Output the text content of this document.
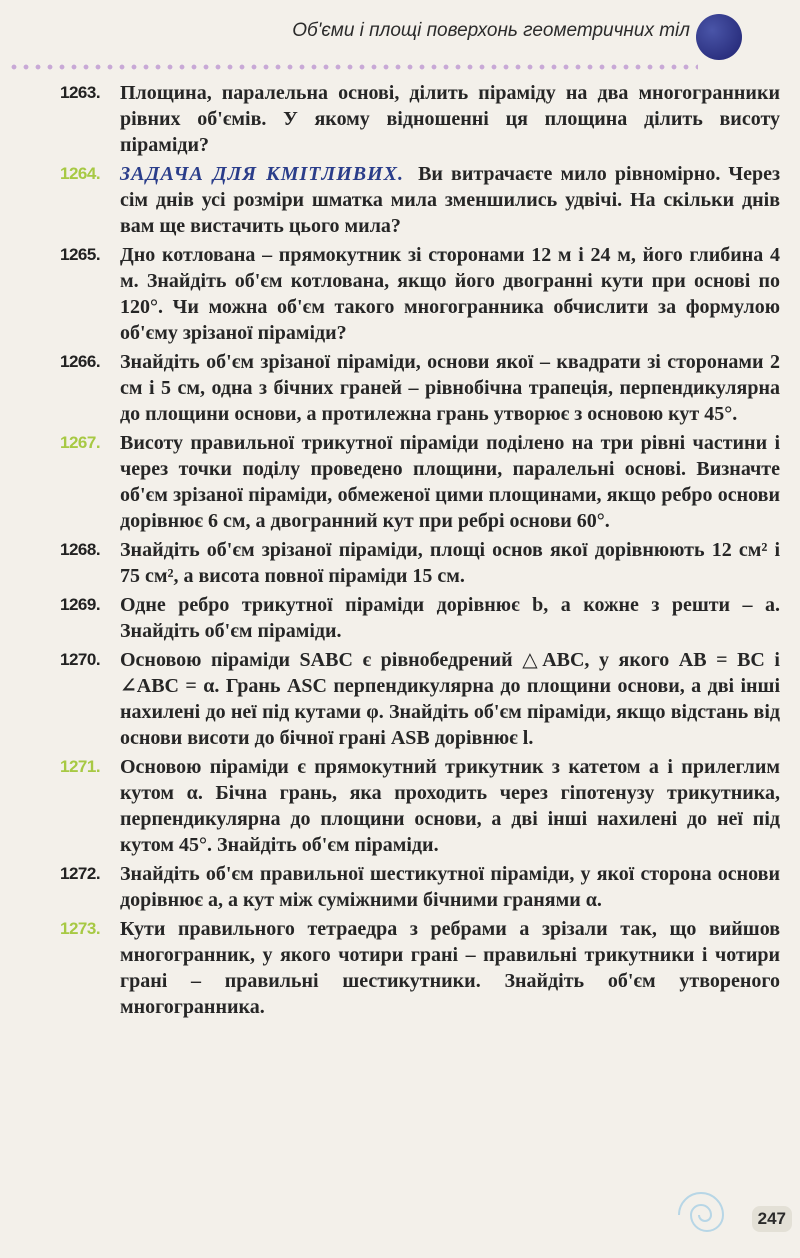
Об'єми і площі поверхонь геометричних тіл
1263. Площина, паралельна основі, ділить піраміду на два многогранники рівних об'ємів. У якому відношенні ця площина ділить висоту піраміди?
1264. ЗАДАЧА ДЛЯ КМІТЛИВИХ. Ви витрачаєте мило рівномірно. Через сім днів усі розміри шматка мила зменшились удвічі. На скільки днів вам ще вистачить цього мила?
1265. Дно котлована – прямокутник зі сторонами 12 м і 24 м, його глибина 4 м. Знайдіть об'єм котлована, якщо його двогранні кути при основі по 120°. Чи можна об'єм такого многогранника обчислити за формулою об'єму зрізаної піраміди?
1266. Знайдіть об'єм зрізаної піраміди, основи якої – квадрати зі сторонами 2 см і 5 см, одна з бічних граней – рівнобічна трапеція, перпендикулярна до площини основи, а протилежна грань утворює з основою кут 45°.
1267. Висоту правильної трикутної піраміди поділено на три рівні частини і через точки поділу проведено площини, паралельні основі. Визначте об'єм зрізаної піраміди, обмеженої цими площинами, якщо ребро основи дорівнює 6 см, а двогранний кут при ребрі основи 60°.
1268. Знайдіть об'єм зрізаної піраміди, площі основ якої дорівнюють 12 см² і 75 см², а висота повної піраміди 15 см.
1269. Одне ребро трикутної піраміди дорівнює b, а кожне з решти – a. Знайдіть об'єм піраміди.
1270. Основою піраміди SABC є рівнобедрений △ABC, у якого AB = BC і ∠ABC = α. Грань ASC перпендикулярна до площини основи, а дві інші нахилені до неї під кутами φ. Знайдіть об'єм піраміди, якщо відстань від основи висоти до бічної грані ASB дорівнює l.
1271. Основою піраміди є прямокутний трикутник з катетом a і прилеглим кутом α. Бічна грань, яка проходить через гіпотенузу трикутника, перпендикулярна до площини основи, а дві інші нахилені до неї під кутом 45°. Знайдіть об'єм піраміди.
1272. Знайдіть об'єм правильної шестикутної піраміди, у якої сторона основи дорівнює a, а кут між суміжними бічними гранями α.
1273. Кути правильного тетраедра з ребрами a зрізали так, що вийшов многогранник, у якого чотири грані – правильні трикутники і чотири грані – правильні шестикутники. Знайдіть об'єм утвореного многогранника.
247
